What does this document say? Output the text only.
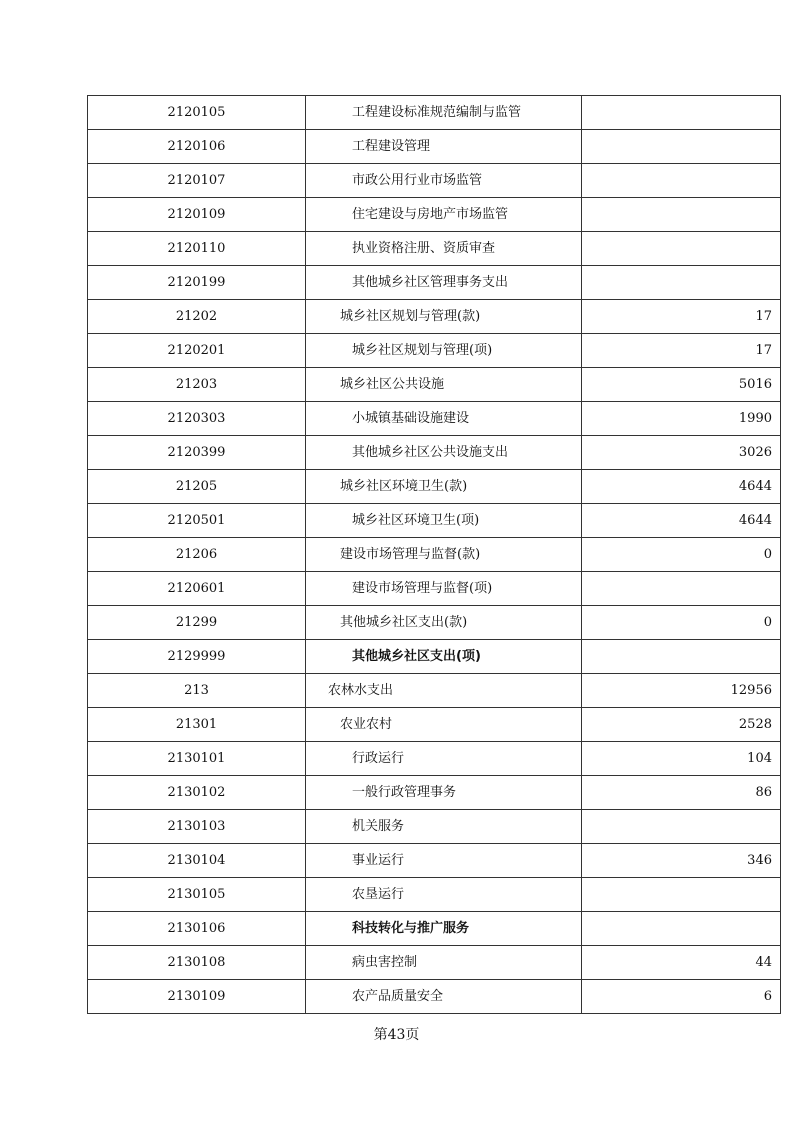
2120105	工程建设标准规范编制与监管	
2120106	工程建设管理	
2120107	市政公用行业市场监管	
2120109	住宅建设与房地产市场监管	
2120110	执业资格注册、资质审查	
2120199	其他城乡社区管理事务支出	
21202	城乡社区规划与管理(款)	17
2120201	城乡社区规划与管理(项)	17
21203	城乡社区公共设施	5016
2120303	小城镇基础设施建设	1990
2120399	其他城乡社区公共设施支出	3026
21205	城乡社区环境卫生(款)	4644
2120501	城乡社区环境卫生(项)	4644
21206	建设市场管理与监督(款)	0
2120601	建设市场管理与监督(项)	
21299	其他城乡社区支出(款)	0
2129999	其他城乡社区支出(项)	
213	农林水支出	12956
21301	农业农村	2528
2130101	行政运行	104
2130102	一般行政管理事务	86
2130103	机关服务	
2130104	事业运行	346
2130105	农垦运行	
2130106	科技转化与推广服务	
2130108	病虫害控制	44
2130109	农产品质量安全	6
第43页
